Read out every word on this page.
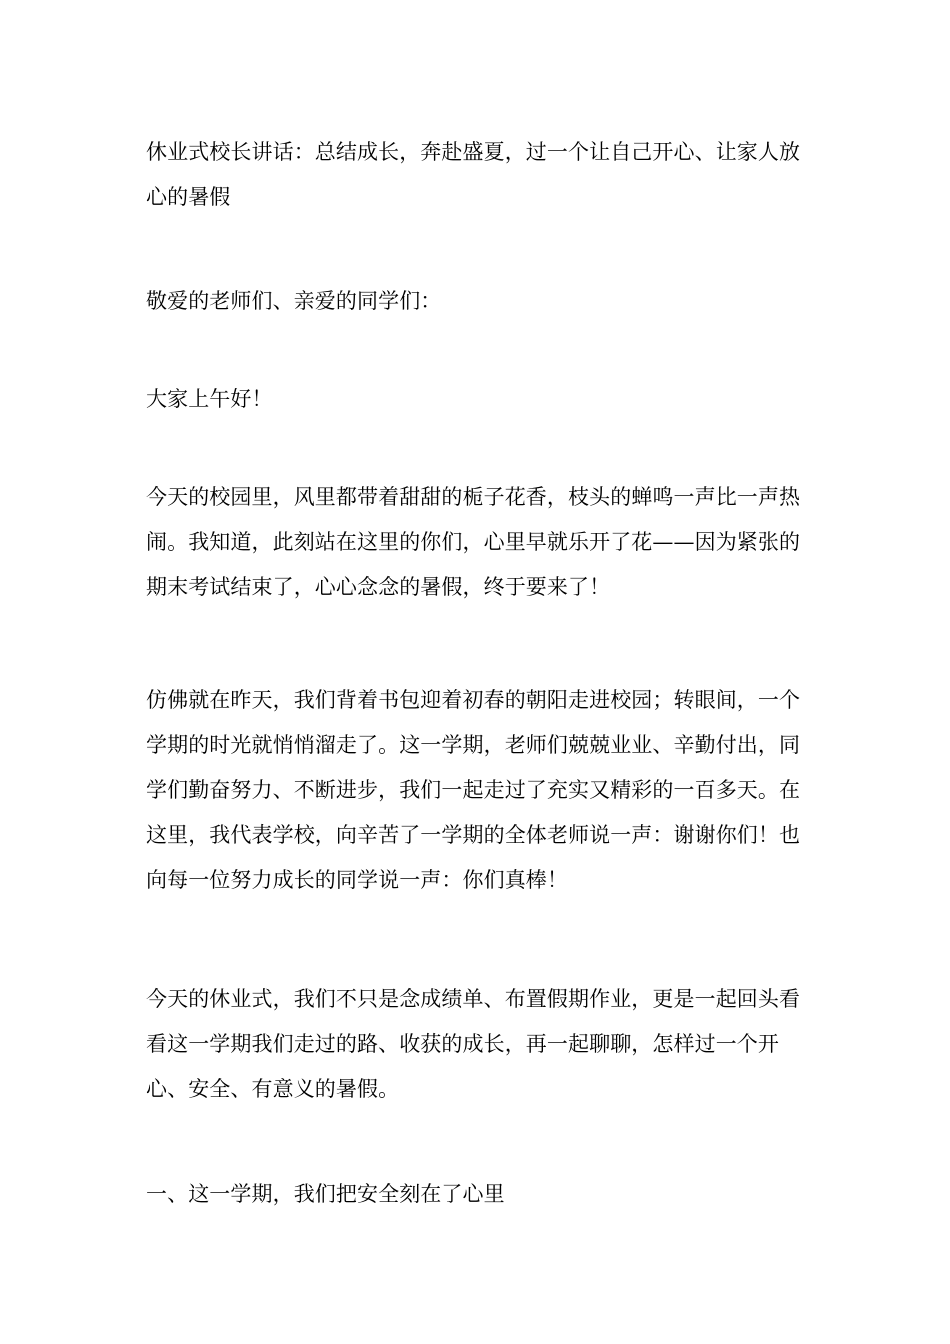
休业式校长讲话：总结成长，奔赴盛夏，过一个让自己开心、让家人放心的暑假

敬爱的老师们、亲爱的同学们：

大家上午好！

今天的校园里，风里都带着甜甜的栀子花香，枝头的蝉鸣一声比一声热闹。我知道，此刻站在这里的你们，心里早就乐开了花——因为紧张的期末考试结束了，心心念念的暑假，终于要来了！

仿佛就在昨天，我们背着书包迎着初春的朝阳走进校园；转眼间，一个学期的时光就悄悄溜走了。这一学期，老师们兢兢业业、辛勤付出，同学们勤奋努力、不断进步，我们一起走过了充实又精彩的一百多天。在这里，我代表学校，向辛苦了一学期的全体老师说一声：谢谢你们！也向每一位努力成长的同学说一声：你们真棒！

今天的休业式，我们不只是念成绩单、布置假期作业，更是一起回头看看这一学期我们走过的路、收获的成长，再一起聊聊，怎样过一个开心、安全、有意义的暑假。

一、这一学期，我们把安全刻在了心里
